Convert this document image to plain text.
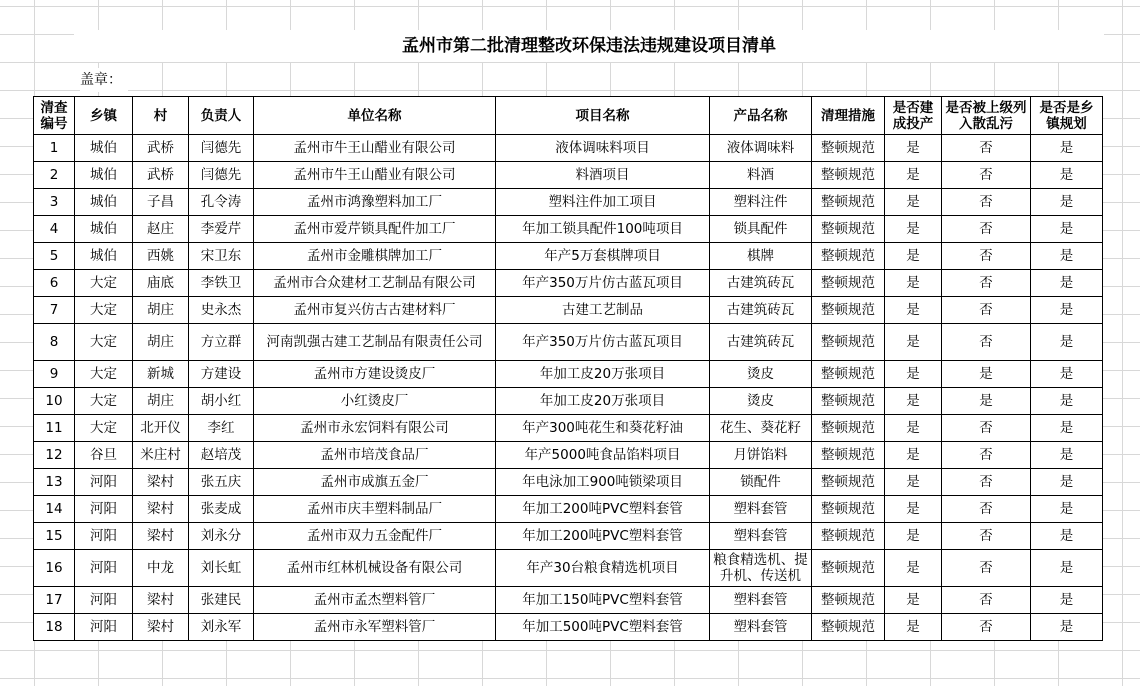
孟州市第二批清理整改环保违法违规建设项目清单
盖章：
清查编号	乡镇	村	负责人	单位名称	项目名称	产品名称	清理措施	是否建成投产	是否被上级列入散乱污	是否是乡镇规划
1	城伯	武桥	闫德先	孟州市牛王山醋业有限公司	液体调味料项目	液体调味料	整顿规范	是	否	是
2	城伯	武桥	闫德先	孟州市牛王山醋业有限公司	料酒项目	料酒	整顿规范	是	否	是
3	城伯	子昌	孔令涛	孟州市鸿豫塑料加工厂	塑料注件加工项目	塑料注件	整顿规范	是	否	是
4	城伯	赵庄	李爱芹	孟州市爱芹锁具配件加工厂	年加工锁具配件100吨项目	锁具配件	整顿规范	是	否	是
5	城伯	西姚	宋卫东	孟州市金雕棋牌加工厂	年产5万套棋牌项目	棋牌	整顿规范	是	否	是
6	大定	庙底	李铁卫	孟州市合众建材工艺制品有限公司	年产350万片仿古蓝瓦项目	古建筑砖瓦	整顿规范	是	否	是
7	大定	胡庄	史永杰	孟州市复兴仿古古建材料厂	古建工艺制品	古建筑砖瓦	整顿规范	是	否	是
8	大定	胡庄	方立群	河南凯强古建工艺制品有限责任公司	年产350万片仿古蓝瓦项目	古建筑砖瓦	整顿规范	是	否	是
9	大定	新城	方建设	孟州市方建设烫皮厂	年加工皮20万张项目	烫皮	整顿规范	是	是	是
10	大定	胡庄	胡小红	小红烫皮厂	年加工皮20万张项目	烫皮	整顿规范	是	是	是
11	大定	北开仪	李红	孟州市永宏饲料有限公司	年产300吨花生和葵花籽油	花生、葵花籽	整顿规范	是	否	是
12	谷旦	米庄村	赵培茂	孟州市培茂食品厂	年产5000吨食品馅料项目	月饼馅料	整顿规范	是	否	是
13	河阳	梁村	张五庆	孟州市成旗五金厂	年电泳加工900吨锁梁项目	锁配件	整顿规范	是	否	是
14	河阳	梁村	张麦成	孟州市庆丰塑料制品厂	年加工200吨PVC塑料套管	塑料套管	整顿规范	是	否	是
15	河阳	梁村	刘永分	孟州市双力五金配件厂	年加工200吨PVC塑料套管	塑料套管	整顿规范	是	否	是
16	河阳	中龙	刘长虹	孟州市红林机械设备有限公司	年产30台粮食精选机项目	粮食精选机、提升机、传送机	整顿规范	是	否	是
17	河阳	梁村	张建民	孟州市孟杰塑料管厂	年加工150吨PVC塑料套管	塑料套管	整顿规范	是	否	是
18	河阳	梁村	刘永军	孟州市永军塑料管厂	年加工500吨PVC塑料套管	塑料套管	整顿规范	是	否	是
